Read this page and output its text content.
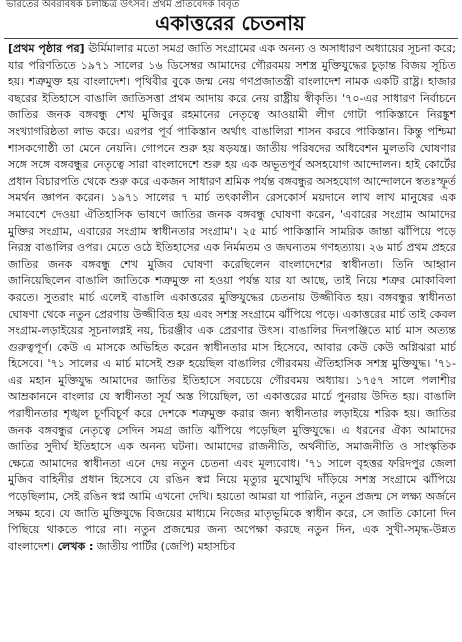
ভারতের অবরবিষক চলচ্চিত্র উৎসব। প্রথম প্রতিবেদক বিবৃত
একাত্তরের চেতনায়
[প্রথম পৃষ্ঠার পর] ঊর্মিমালার মতো সমগ্র জাতি সংগ্রামের এক অনন্য ও অসাধারণ অধ্যায়ের সূচনা করে; যার পরিণতিতে ১৯৭১ সালের ১৬ ডিসেম্বর আমাদের গৌরবময় সশস্ত্র মুক্তিযুদ্ধের চূড়ান্ত বিজয় সূচিত হয়। শত্রুমুক্ত হয় বাংলাদেশ। পৃথিবীর বুকে জন্ম নেয় গণপ্রজাতন্ত্রী বাংলাদেশ নামক একটি রাষ্ট্র। হাজার বছরের ইতিহাসে বাঙালি জাতিসত্তা প্রথম আদায় করে নেয় রাষ্ট্রীয় স্বীকৃতি। '৭০-এর সাধারণ নির্বাচনে জাতির জনক বঙ্গবন্ধু শেখ মুজিবুর রহমানের নেতৃত্বে আওয়ামী লীগ গোটা পাকিস্তানে নিরঙ্কুশ সংখ্যাগরিষ্ঠতা লাভ করে। এরপর পূর্ব পাকিস্তান অর্থাৎ বাঙালিরা শাসন করবে পাকিস্তান। কিন্তু পশ্চিমা শাসকগোষ্ঠী তা মেনে নেয়নি। গোপনে শুরু হয় ষড়যন্ত্র। জাতীয় পরিষদের অধিবেশন মুলতবি ঘোষণার সঙ্গে সঙ্গে বঙ্গবন্ধুর নেতৃত্বে সারা বাংলাদেশে শুরু হয় এক অভূতপূর্ব অসহযোগ আন্দোলন। হাই কোর্টের প্রধান বিচারপতি থেকে শুরু করে একজন সাধারণ শ্রমিক পর্যন্ত বঙ্গবন্ধুর অসহযোগ আন্দোলনে স্বতঃস্ফূর্ত সমর্থন জ্ঞাপন করেন। ১৯৭১ সালের ৭ মার্চ তৎকালীন রেসকোর্স ময়দানে লাখ লাখ মানুষের এক সমাবেশে দেওয়া ঐতিহাসিক ভাষণে জাতির জনক বঙ্গবন্ধু ঘোষণা করেন, 'এবারের সংগ্রাম আমাদের মুক্তির সংগ্রাম, এবারের সংগ্রাম স্বাধীনতার সংগ্রাম'। ২৫ মার্চ পাকিস্তানি সামরিক জান্তা ঝাঁপিয়ে পড়ে নিরস্ত্র বাঙালির ওপর। মেতে ওঠে ইতিহাসের এক নির্মমতম ও জঘন্যতম গণহত্যায়। ২৬ মার্চ প্রথম প্রহরে জাতির জনক বঙ্গবন্ধু শেখ মুজিব ঘোষণা করেছিলেন বাংলাদেশের স্বাধীনতা। তিনি আহ্বান জানিয়েছিলেন বাঙালি জাতিকে শত্রুমুক্ত না হওয়া পর্যন্ত যার যা আছে, তাই নিয়ে শত্রুর মোকাবিলা করতে। সুতরাং মার্চ এলেই বাঙালি একাত্তরের মুক্তিযুদ্ধের চেতনায় উজ্জীবিত হয়। বঙ্গবন্ধুর স্বাধীনতা ঘোষণা থেকে নতুন প্রেরণায় উজ্জীবিত হয় এবং সশস্ত্র সংগ্রামে ঝাঁপিয়ে পড়ে। একাত্তরের মার্চ তাই কেবল সংগ্রাম-লড়াইয়ের সূচনালগ্নই নয়, চিরঞ্জীব এক প্রেরণার উৎস। বাঙালির দিনপঞ্জিতে মার্চ মাস অত্যন্ত গুরুত্বপূর্ণ। কেউ এ মাসকে অভিহিত করেন স্বাধীনতার মাস হিসেবে, আবার কেউ কেউ অগ্নিঝরা মার্চ হিসেবে। '৭১ সালের এ মার্চ মাসেই শুরু হয়েছিল বাঙালির গৌরবময় ঐতিহাসিক সশস্ত্র মুক্তিযুদ্ধ। '৭১-এর মহান মুক্তিযুদ্ধ আমাদের জাতির ইতিহাসে সবচেয়ে গৌরবময় অধ্যায়। ১৭৫৭ সালে পলাশীর আম্রকাননে বাংলার যে স্বাধীনতা সূর্য অস্ত গিয়েছিল, তা একাত্তরের মার্চে পুনরায় উদিত হয়। বাঙালি পরাধীনতার শৃঙ্খল চূর্ণবিচূর্ণ করে দেশকে শত্রুমুক্ত করার জন্য স্বাধীনতার লড়াইয়ে শরিক হয়। জাতির জনক বঙ্গবন্ধুর নেতৃত্বে সেদিন সমগ্র জাতি ঝাঁপিয়ে পড়েছিল মুক্তিযুদ্ধে। এ ধরনের ঐক্য আমাদের জাতির সুদীর্ঘ ইতিহাসে এক অনন্য ঘটনা। আমাদের রাজনীতি, অর্থনীতি, সমাজনীতি ও সাংস্কৃতিক ক্ষেত্রে আমাদের স্বাধীনতা এনে দেয় নতুন চেতনা এবং মূল্যবোধ। '৭১ সালে বৃহত্তর ফরিদপুর জেলা মুজিব বাহিনীর প্রধান হিসেবে যে রঙিন স্বপ্ন নিয়ে মৃত্যুর মুখোমুখি দাঁড়িয়ে সশস্ত্র সংগ্রামে ঝাঁপিয়ে পড়েছিলাম, সেই রঙিন স্বপ্ন আমি এখনো দেখি। হয়তো আমরা যা পারিনি, নতুন প্রজন্ম সে লক্ষ্য অর্জনে সক্ষম হবে। যে জাতি মুক্তিযুদ্ধে বিজয়ের মাধ্যমে নিজের মাতৃভূমিকে স্বাধীন করে, সে জাতি কোনো দিন পিছিয়ে থাকতে পারে না। নতুন প্রজন্মের জন্য অপেক্ষা করছে নতুন দিন, এক সুখী-সমৃদ্ধ-উন্নত বাংলাদেশ। লেখক : জাতীয় পার্টির (জেপি) মহাসচিব
